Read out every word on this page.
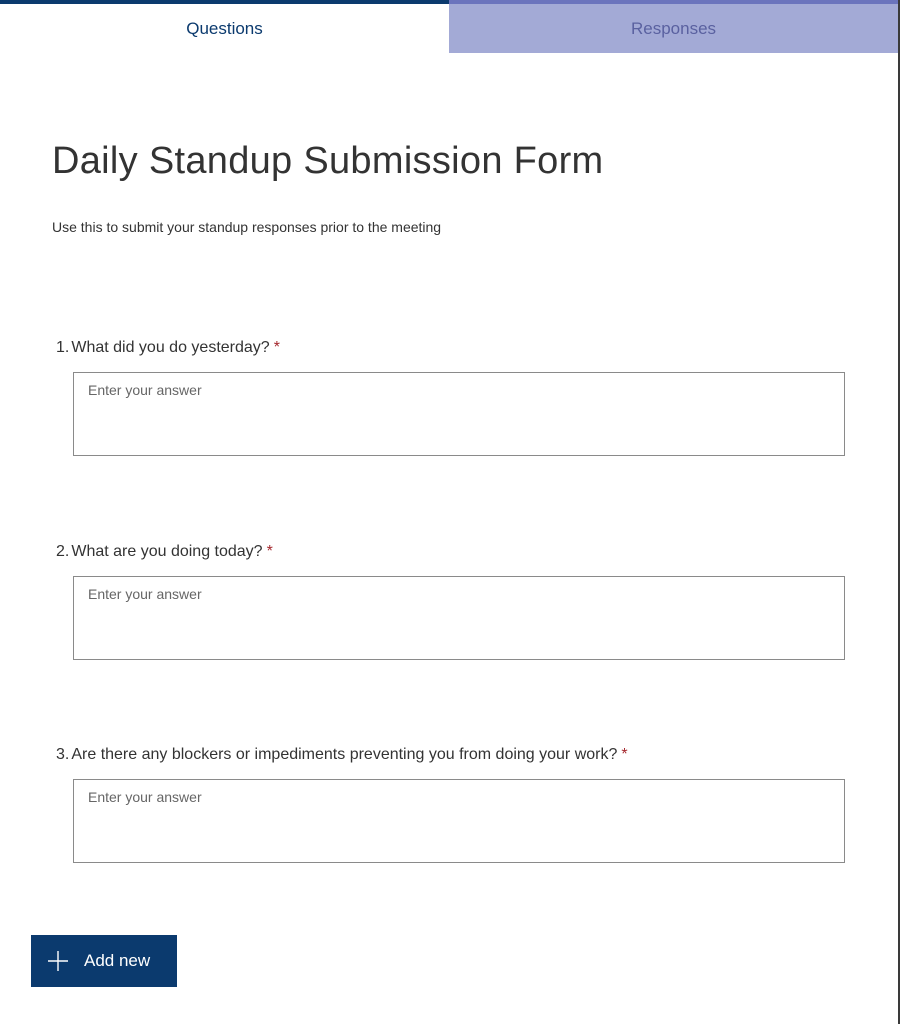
Questions	Responses
Daily Standup Submission Form
Use this to submit your standup responses prior to the meeting
1. What did you do yesterday? *
Enter your answer
2. What are you doing today? *
Enter your answer
3. Are there any blockers or impediments preventing you from doing your work? *
Enter your answer
Add new
